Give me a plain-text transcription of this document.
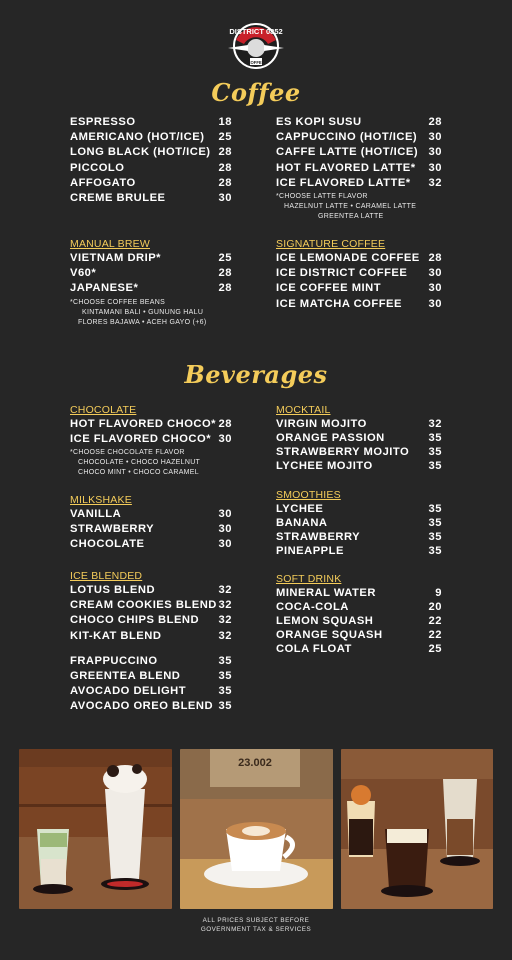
DISTRICT 0852
COFFEE
Coffee
ESPRESSO	18
AMERICANO (HOT/ICE) 25
LONG BLACK (HOT/ICE) 28
PICCOLO	28
AFFOGATO	28
CREME BRULEE	30
ES KOPI SUSU	28
CAPPUCCINO (HOT/ICE) 30
CAFFE LATTE (HOT/ICE) 30
HOT FLAVORED LATTE* 30
ICE FLAVORED LATTE* 32
*CHOOSE LATTE FLAVOR
HAZELNUT LATTE • CARAMEL LATTE
GREENTEA LATTE
MANUAL BREW
VIETNAM DRIP*	25
V60*	28
JAPANESE*	28
*CHOOSE COFFEE BEANS
KINTAMANI BALI • GUNUNG HALU
FLORES BAJAWA • ACEH GAYO (+6)
SIGNATURE COFFEE
ICE LEMONADE COFFEE 28
ICE DISTRICT COFFEE 30
ICE COFFEE MINT	30
ICE MATCHA COFFEE 30
Beverages
CHOCOLATE
HOT FLAVORED CHOCO* 28
ICE FLAVORED CHOCO* 30
*CHOOSE CHOCOLATE FLAVOR
CHOCOLATE • CHOCO HAZELNUT
CHOCO MINT • CHOCO CARAMEL
MILKSHAKE
VANILLA	30
STRAWBERRY	30
CHOCOLATE	30
ICE BLENDED
LOTUS BLEND	32
CREAM COOKIES BLEND 32
CHOCO CHIPS BLEND 32
KIT-KAT BLEND	32
FRAPPUCCINO	35
GREENTEA BLEND	35
AVOCADO DELIGHT	35
AVOCADO OREO BLEND 35
MOCKTAIL
VIRGIN MOJITO	32
ORANGE PASSION	35
STRAWBERRY MOJITO 35
LYCHEE MOJITO	35
SMOOTHIES
LYCHEE	35
BANANA	35
STRAWBERRY	35
PINEAPPLE	35
SOFT DRINK
MINERAL WATER	9
COCA-COLA	20
LEMON SQUASH	22
ORANGE SQUASH	22
COLA FLOAT	25
23.002
ALL PRICES SUBJECT BEFORE
GOVERNMENT TAX & SERVICES
